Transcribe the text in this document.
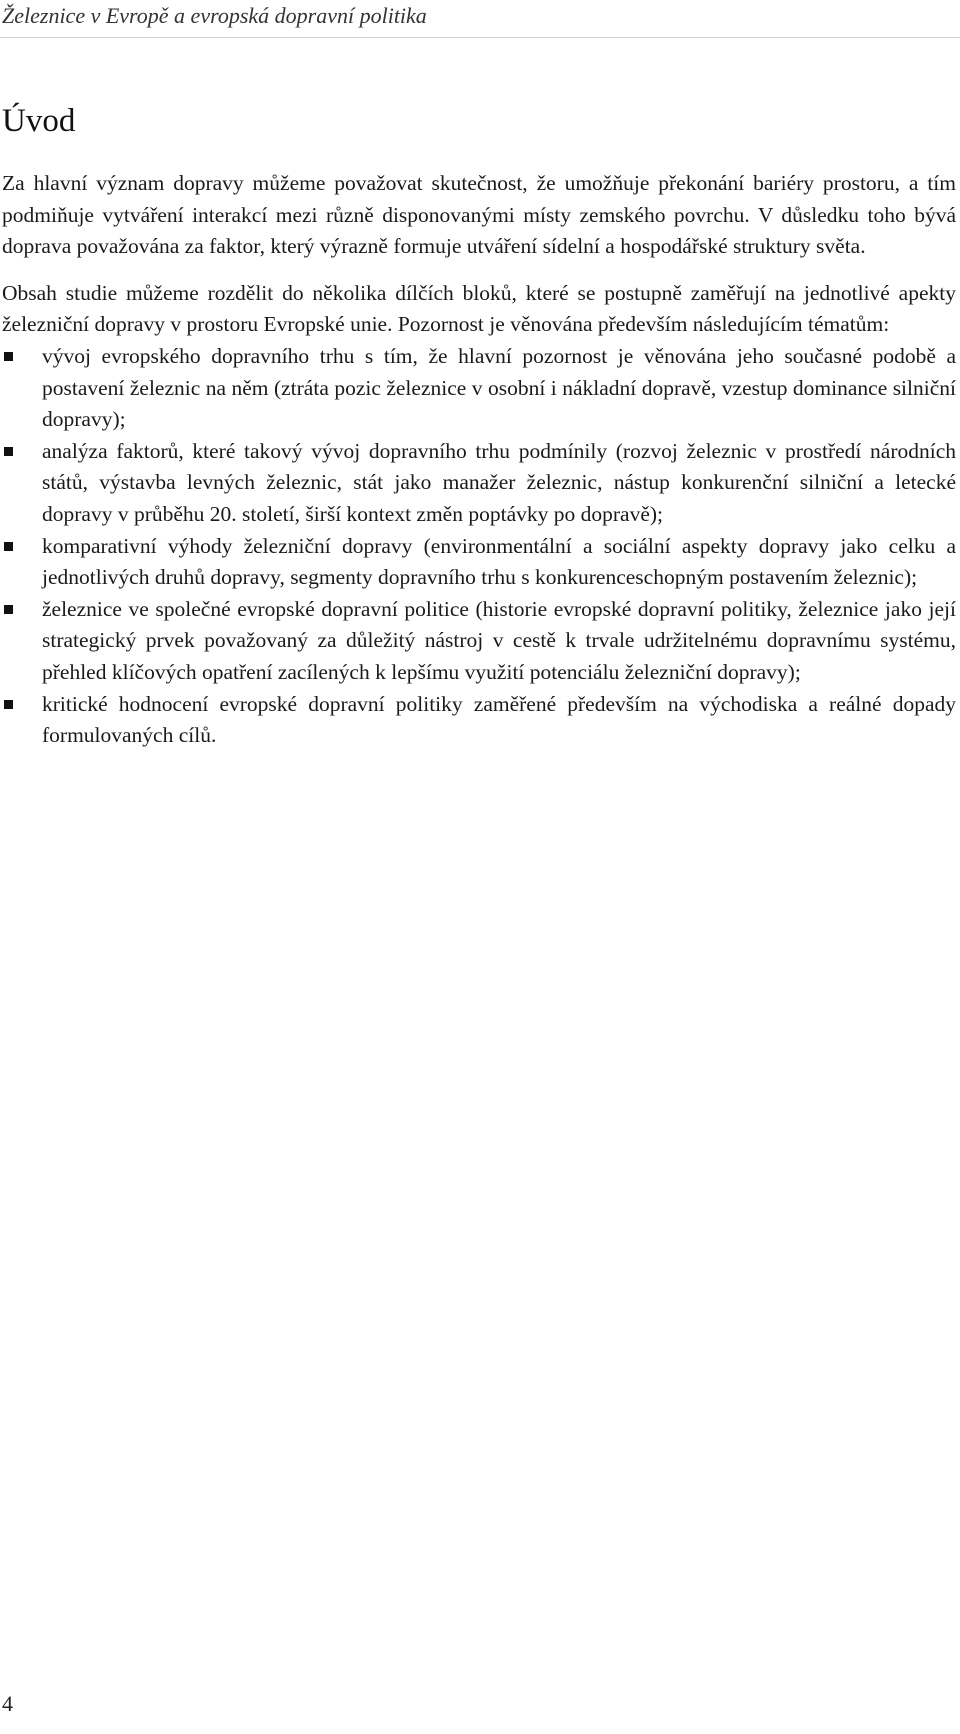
Železnice v Evropě a evropská dopravní politika
Úvod

Za hlavní význam dopravy můžeme považovat skutečnost, že umožňuje překonání bariéry prostoru, a tím podmiňuje vytváření interakcí mezi různě disponovanými místy zemského povrchu. V důsledku toho bývá doprava považována za faktor, který výrazně formuje utváření sídelní a hospodářské struktury světa.

Obsah studie můžeme rozdělit do několika dílčích bloků, které se postupně zaměřují na jednotlivé apekty železniční dopravy v prostoru Evropské unie. Pozornost je věnována především následujícím tématům:

vývoj evropského dopravního trhu s tím, že hlavní pozornost je věnována jeho současné podobě a postavení železnic na něm (ztráta pozic železnice v osobní i nákladní dopravě, vzestup dominance silniční dopravy);
analýza faktorů, které takový vývoj dopravního trhu podmínily (rozvoj železnic v prostředí národních států, výstavba levných železnic, stát jako manažer železnic, nástup konkurenční silniční a letecké dopravy v průběhu 20. století, širší kontext změn poptávky po dopravě);
komparativní výhody železniční dopravy (environmentální a sociální aspekty dopravy jako celku a jednotlivých druhů dopravy, segmenty dopravního trhu s konkurenceschopným postavením železnic);
železnice ve společné evropské dopravní politice (historie evropské dopravní politiky, železnice jako její strategický prvek považovaný za důležitý nástroj v cestě k trvale udržitelnému dopravnímu systému, přehled klíčových opatření zacílených k lepšímu využití potenciálu železniční dopravy);
kritické hodnocení evropské dopravní politiky zaměřené především na východiska a reálné dopady formulovaných cílů.
4
